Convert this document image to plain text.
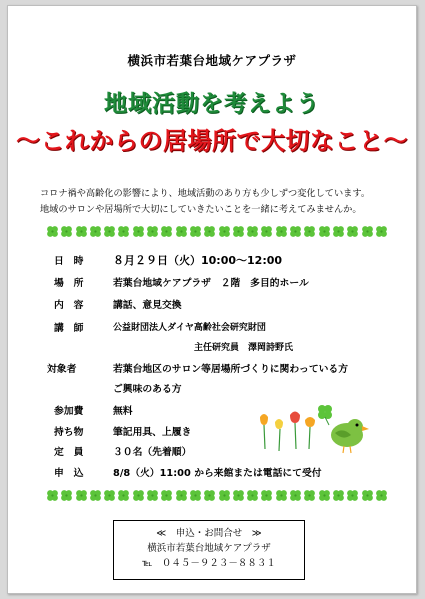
横浜市若葉台地域ケアプラザ
地域活動を考えよう
～これからの居場所で大切なこと～
コロナ禍や高齢化の影響により、地域活動のあり方も少しずつ変化しています。
地域のサロンや居場所で大切にしていきたいことを一緒に考えてみませんか。
日　時	８月２９日（火）10:00～12:00
場　所	若葉台地域ケアプラザ　２階　多目的ホール
内　容	講話、意見交換
講　師	公益財団法人ダイヤ高齢社会研究財団
主任研究員　澤岡詩野氏
対象者	若葉台地区のサロン等居場所づくりに関わっている方
ご興味のある方
参加費	無料
持ち物	筆記用具、上履き
定　員	３０名（先着順）
申　込	8/8（火）11:00 から来館または電話にて受付
≪　申込・お問合せ　≫
横浜市若葉台地域ケアプラザ
℡　０４５－９２３－８８３１
